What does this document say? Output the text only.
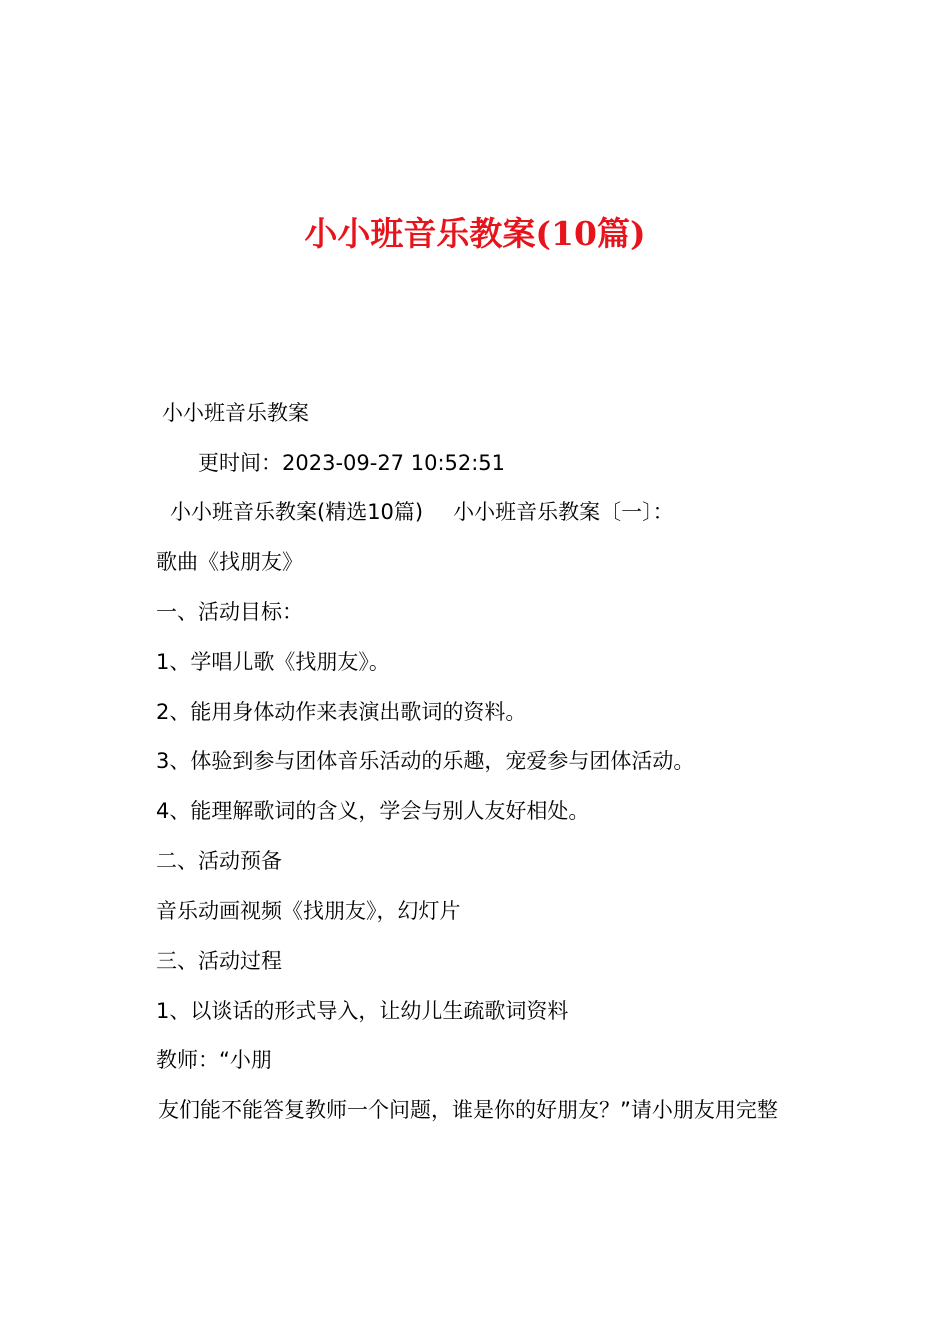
小小班音乐教案(10篇)

小小班音乐教案

更时间：2023-09-27 10:52:51

小小班音乐教案(精选10篇) 小小班音乐教案〔一〕：

歌曲《找朋友》

一、活动目标：

1、学唱儿歌《找朋友》。

2、能用身体动作来表演出歌词的资料。

3、体验到参与团体音乐活动的乐趣，宠爱参与团体活动。

4、能理解歌词的含义，学会与别人友好相处。

二、活动预备

音乐动画视频《找朋友》，幻灯片

三、活动过程

1、以谈话的形式导入，让幼儿生疏歌词资料

教师：“小朋

友们能不能答复教师一个问题，谁是你的好朋友？”请小朋友用完整
